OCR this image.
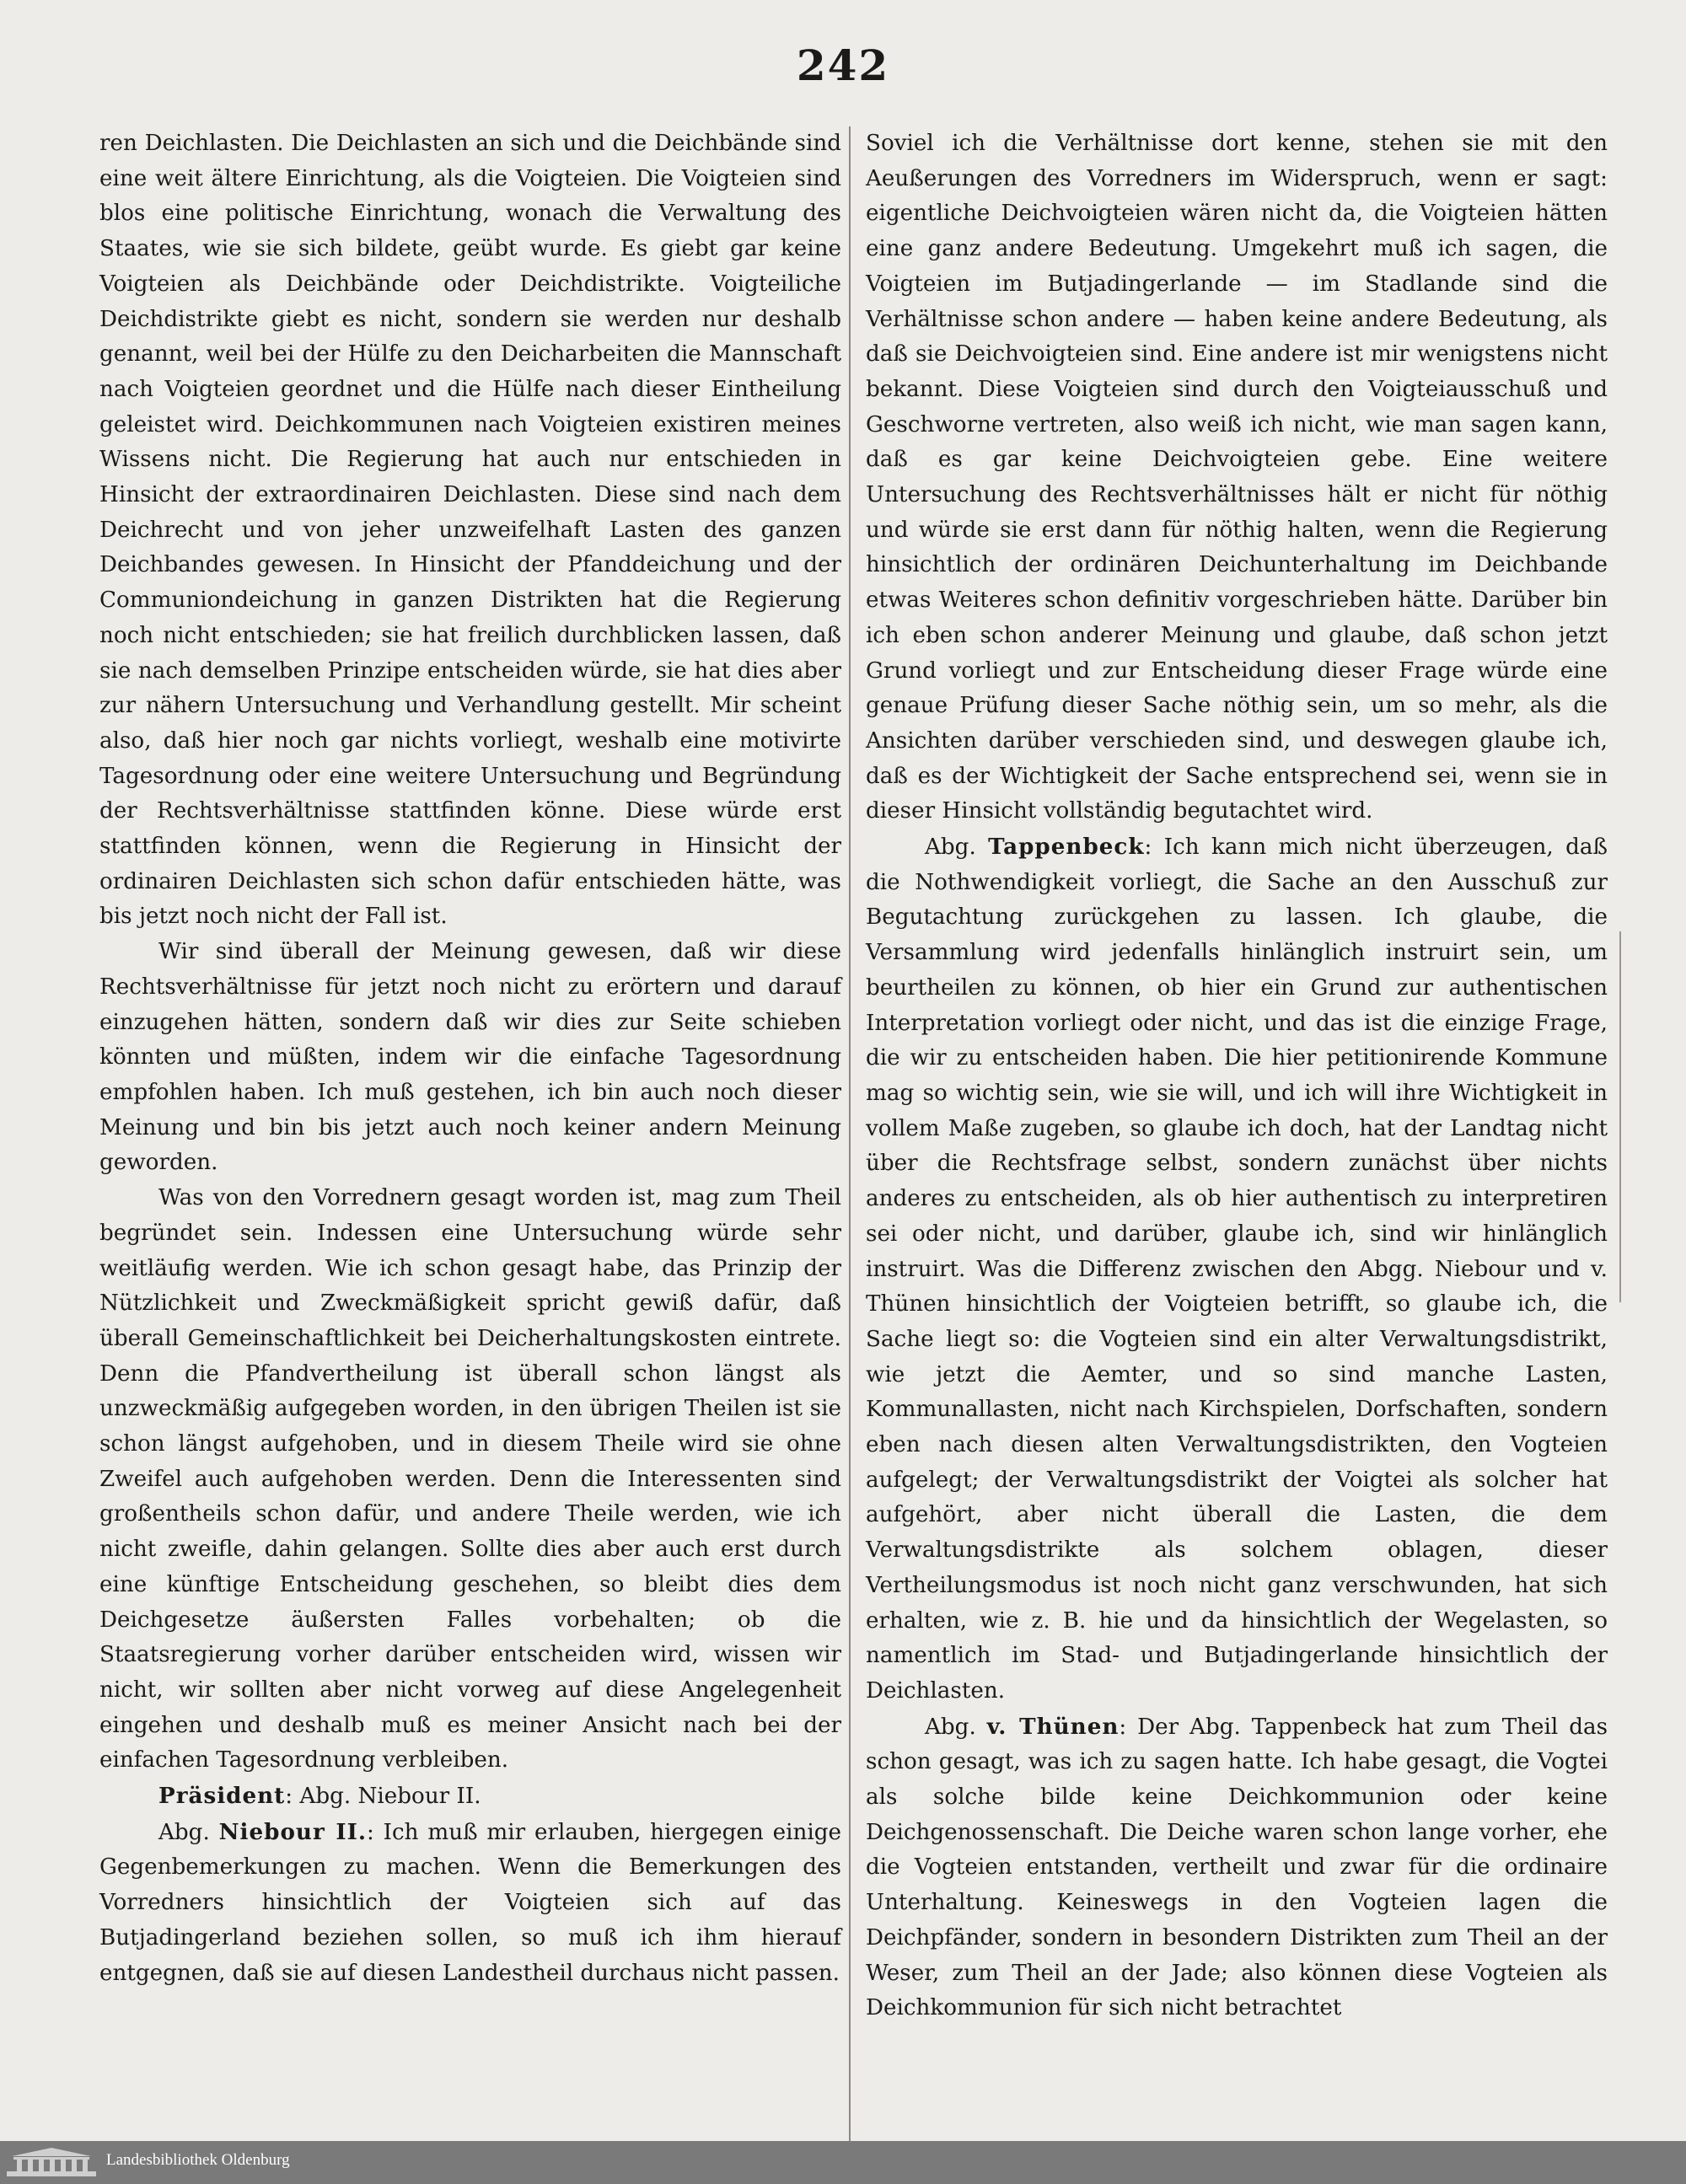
242

ren Deichlasten. Die Deichlasten an sich und die Deichbände sind eine weit ältere Einrichtung, als die Voigteien. Die Voigteien sind blos eine politische Einrichtung, wonach die Verwaltung des Staates, wie sie sich bildete, geübt wurde. Es giebt gar keine Voigteien als Deichbände oder Deichdistrikte. Voigteiliche Deichdistrikte giebt es nicht, sondern sie werden nur deshalb genannt, weil bei der Hülfe zu den Deicharbeiten die Mannschaft nach Voigteien geordnet und die Hülfe nach dieser Eintheilung geleistet wird. Deichkommunen nach Voigteien existiren meines Wissens nicht. Die Regierung hat auch nur entschieden in Hinsicht der extraordinairen Deichlasten. Diese sind nach dem Deichrecht und von jeher unzweifelhaft Lasten des ganzen Deichbandes gewesen. In Hinsicht der Pfanddeichung und der Communiondeichung in ganzen Distrikten hat die Regierung noch nicht entschieden; sie hat freilich durchblicken lassen, daß sie nach demselben Prinzipe entscheiden würde, sie hat dies aber zur nähern Untersuchung und Verhandlung gestellt. Mir scheint also, daß hier noch gar nichts vorliegt, weshalb eine motivirte Tagesordnung oder eine weitere Untersuchung und Begründung der Rechtsverhältnisse stattfinden könne. Diese würde erst stattfinden können, wenn die Regierung in Hinsicht der ordinairen Deichlasten sich schon dafür entschieden hätte, was bis jetzt noch nicht der Fall ist.

Wir sind überall der Meinung gewesen, daß wir diese Rechtsverhältnisse für jetzt noch nicht zu erörtern und darauf einzugehen hätten, sondern daß wir dies zur Seite schieben könnten und müßten, indem wir die einfache Tagesordnung empfohlen haben. Ich muß gestehen, ich bin auch noch dieser Meinung und bin bis jetzt auch noch keiner andern Meinung geworden.

Was von den Vorrednern gesagt worden ist, mag zum Theil begründet sein. Indessen eine Untersuchung würde sehr weitläufig werden. Wie ich schon gesagt habe, das Prinzip der Nützlichkeit und Zweckmäßigkeit spricht gewiß dafür, daß überall Gemeinschaftlichkeit bei Deicherhaltungskosten eintrete. Denn die Pfandvertheilung ist überall schon längst als unzweckmäßig aufgegeben worden, in den übrigen Theilen ist sie schon längst aufgehoben, und in diesem Theile wird sie ohne Zweifel auch aufgehoben werden. Denn die Interessenten sind großentheils schon dafür, und andere Theile werden, wie ich nicht zweifle, dahin gelangen. Sollte dies aber auch erst durch eine künftige Entscheidung geschehen, so bleibt dies dem Deichgesetze äußersten Falles vorbehalten; ob die Staatsregierung vorher darüber entscheiden wird, wissen wir nicht, wir sollten aber nicht vorweg auf diese Angelegenheit eingehen und deshalb muß es meiner Ansicht nach bei der einfachen Tagesordnung verbleiben.

Präsident: Abg. Niebour II.

Abg. Niebour II.: Ich muß mir erlauben, hiergegen einige Gegenbemerkungen zu machen. Wenn die Bemerkungen des Vorredners hinsichtlich der Voigteien sich auf das Butjadingerland beziehen sollen, so muß ich ihm hierauf entgegnen, daß sie auf diesen Landestheil durchaus nicht passen.

Soviel ich die Verhältnisse dort kenne, stehen sie mit den Aeußerungen des Vorredners im Widerspruch, wenn er sagt: eigentliche Deichvoigteien wären nicht da, die Voigteien hätten eine ganz andere Bedeutung. Umgekehrt muß ich sagen, die Voigteien im Butjadingerlande — im Stadlande sind die Verhältnisse schon andere — haben keine andere Bedeutung, als daß sie Deichvoigteien sind. Eine andere ist mir wenigstens nicht bekannt. Diese Voigteien sind durch den Voigteiausschuß und Geschworne vertreten, also weiß ich nicht, wie man sagen kann, daß es gar keine Deichvoigteien gebe. Eine weitere Untersuchung des Rechtsverhältnisses hält er nicht für nöthig und würde sie erst dann für nöthig halten, wenn die Regierung hinsichtlich der ordinären Deichunterhaltung im Deichbande etwas Weiteres schon definitiv vorgeschrieben hätte. Darüber bin ich eben schon anderer Meinung und glaube, daß schon jetzt Grund vorliegt und zur Entscheidung dieser Frage würde eine genaue Prüfung dieser Sache nöthig sein, um so mehr, als die Ansichten darüber verschieden sind, und deswegen glaube ich, daß es der Wichtigkeit der Sache entsprechend sei, wenn sie in dieser Hinsicht vollständig begutachtet wird.

Abg. Tappenbeck: Ich kann mich nicht überzeugen, daß die Nothwendigkeit vorliegt, die Sache an den Ausschuß zur Begutachtung zurückgehen zu lassen. Ich glaube, die Versammlung wird jedenfalls hinlänglich instruirt sein, um beurtheilen zu können, ob hier ein Grund zur authentischen Interpretation vorliegt oder nicht, und das ist die einzige Frage, die wir zu entscheiden haben. Die hier petitionirende Kommune mag so wichtig sein, wie sie will, und ich will ihre Wichtigkeit in vollem Maße zugeben, so glaube ich doch, hat der Landtag nicht über die Rechtsfrage selbst, sondern zunächst über nichts anderes zu entscheiden, als ob hier authentisch zu interpretiren sei oder nicht, und darüber, glaube ich, sind wir hinlänglich instruirt. Was die Differenz zwischen den Abgg. Niebour und v. Thünen hinsichtlich der Voigteien betrifft, so glaube ich, die Sache liegt so: die Vogteien sind ein alter Verwaltungsdistrikt, wie jetzt die Aemter, und so sind manche Lasten, Kommunallasten, nicht nach Kirchspielen, Dorfschaften, sondern eben nach diesen alten Verwaltungsdistrikten, den Vogteien aufgelegt; der Verwaltungsdistrikt der Voigtei als solcher hat aufgehört, aber nicht überall die Lasten, die dem Verwaltungsdistrikte als solchem oblagen, dieser Vertheilungsmodus ist noch nicht ganz verschwunden, hat sich erhalten, wie z. B. hie und da hinsichtlich der Wegelasten, so namentlich im Stad- und Butjadingerlande hinsichtlich der Deichlasten.

Abg. v. Thünen: Der Abg. Tappenbeck hat zum Theil das schon gesagt, was ich zu sagen hatte. Ich habe gesagt, die Vogtei als solche bilde keine Deichkommunion oder keine Deichgenossenschaft. Die Deiche waren schon lange vorher, ehe die Vogteien entstanden, vertheilt und zwar für die ordinaire Unterhaltung. Keineswegs in den Vogteien lagen die Deichpfänder, sondern in besondern Distrikten zum Theil an der Weser, zum Theil an der Jade; also können diese Vogteien als Deichkommunion für sich nicht betrachtet

Landesbibliothek Oldenburg
